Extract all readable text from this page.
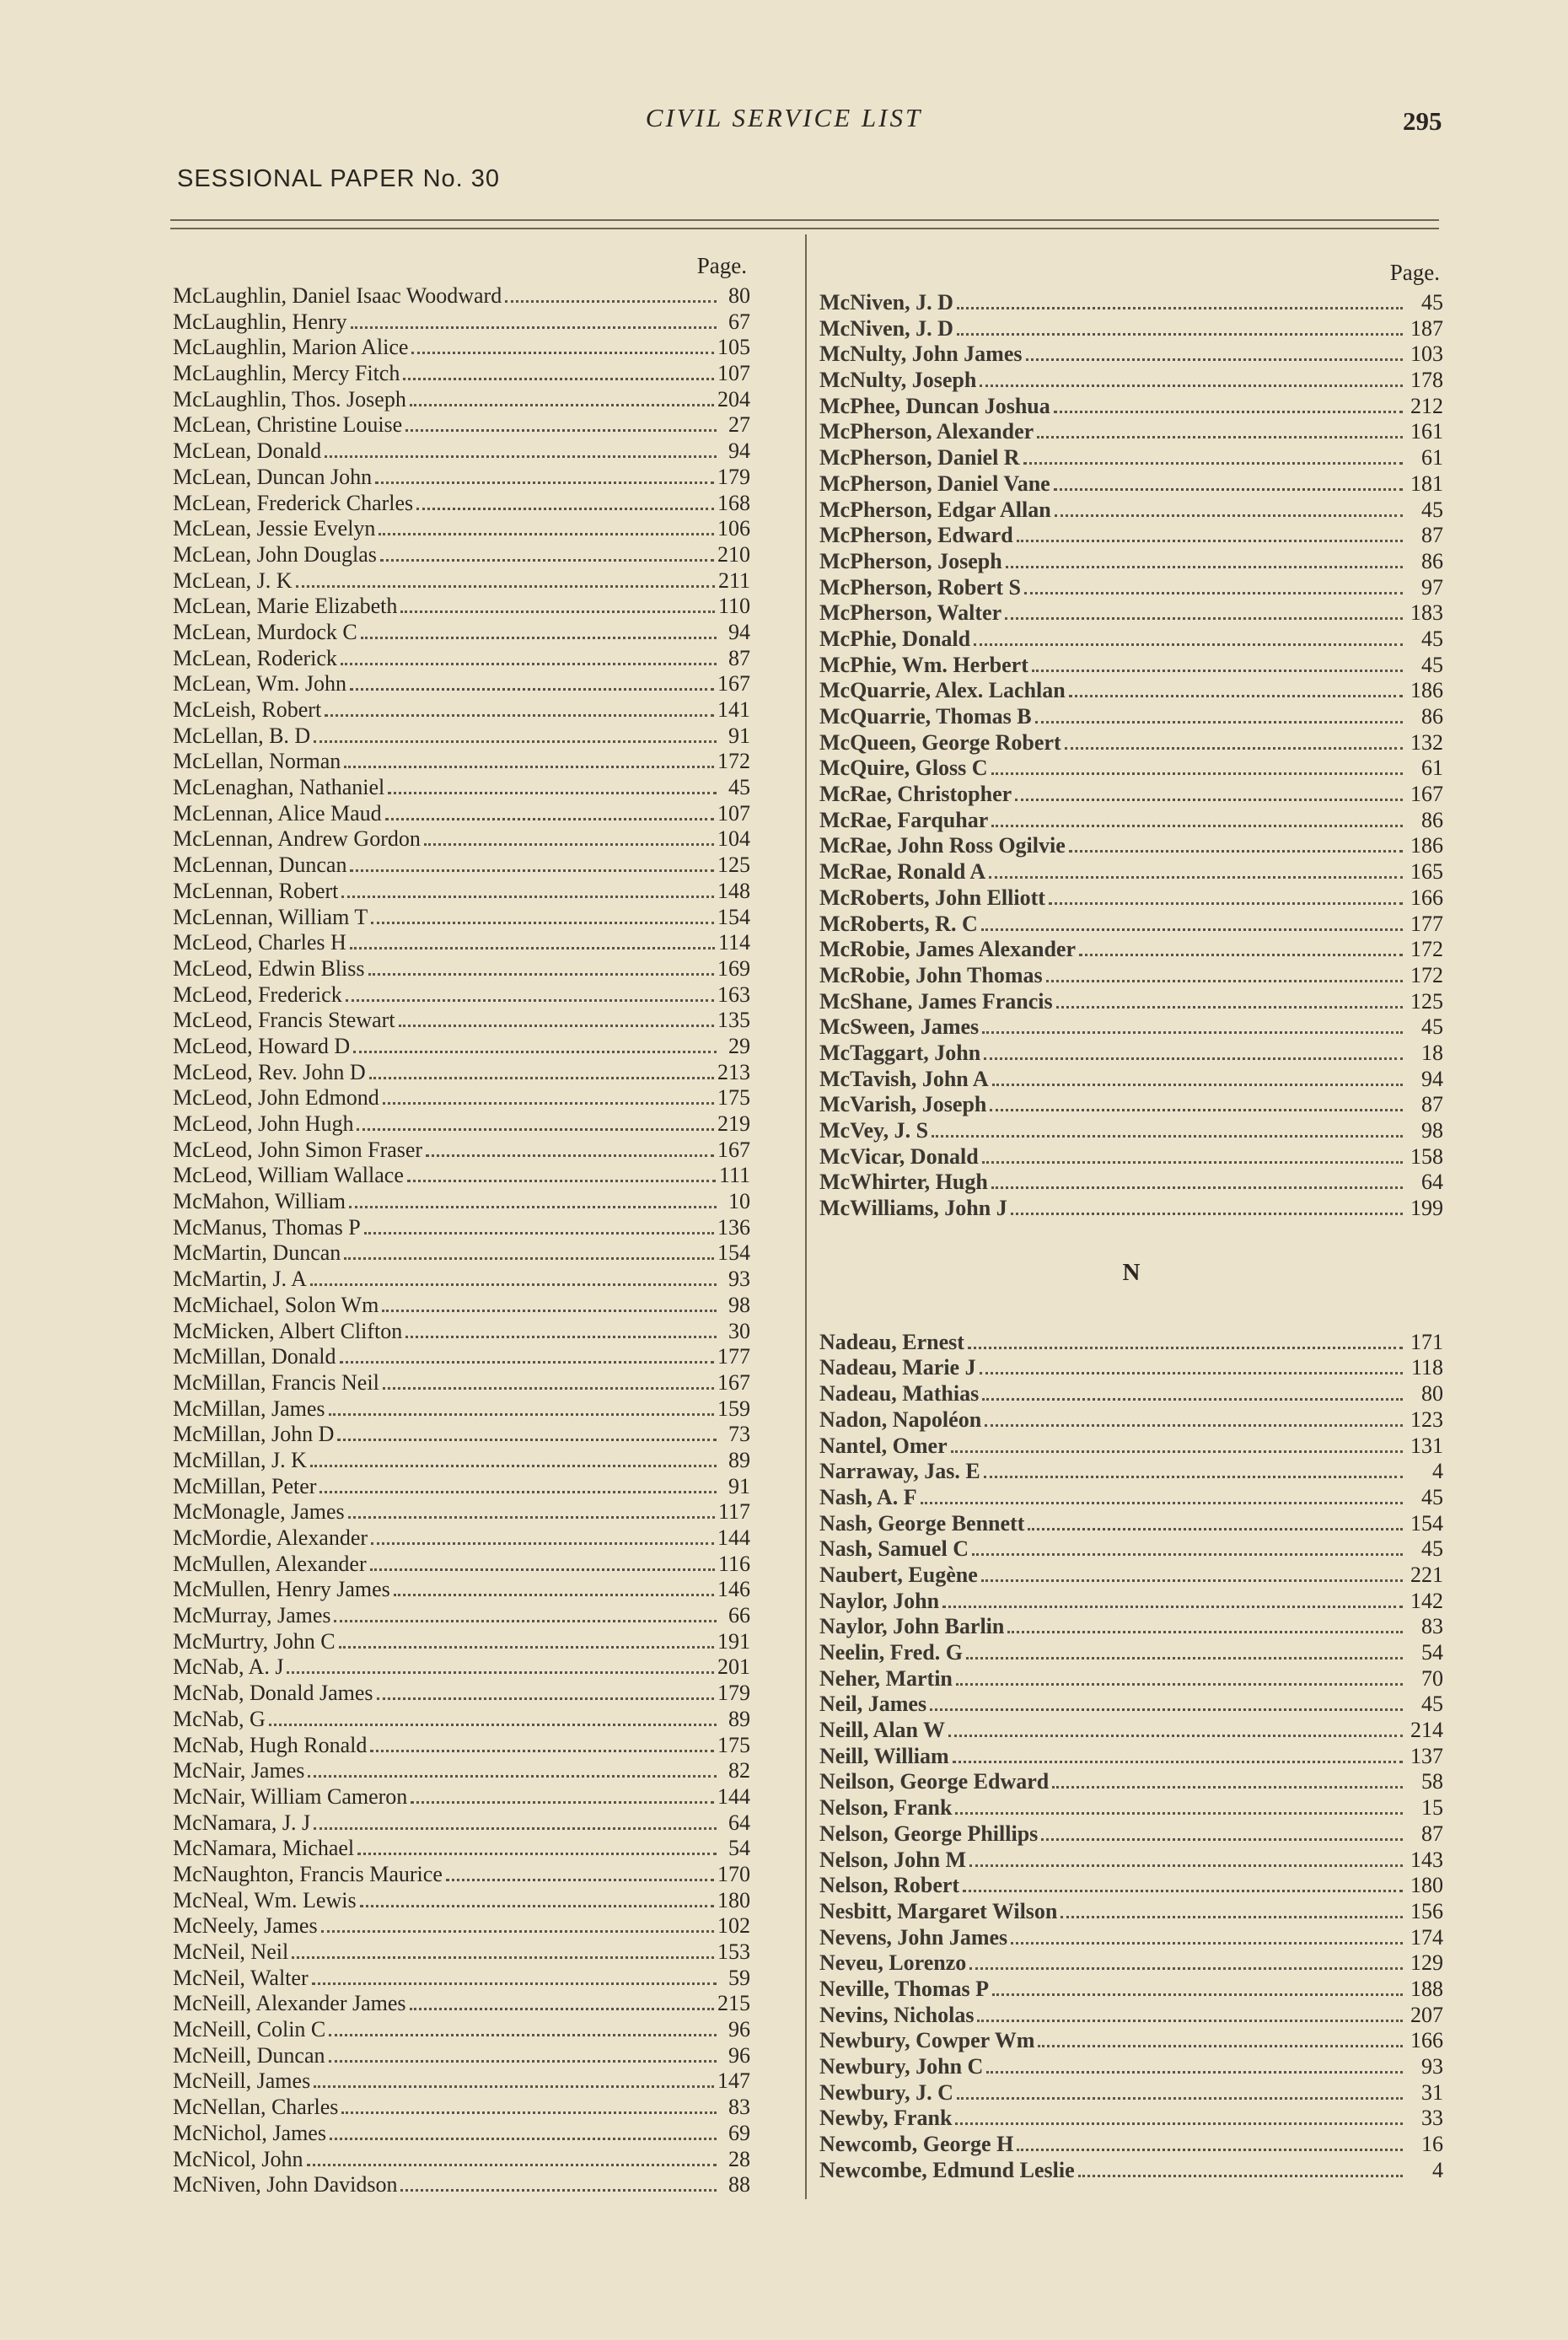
CIVIL SERVICE LIST	295
SESSIONAL PAPER No. 30
Page.
McLaughlin, Daniel Isaac Woodward	80
McLaughlin, Henry	67
McLaughlin, Marion Alice	105
McLaughlin, Mercy Fitch	107
McLaughlin, Thos. Joseph	204
McLean, Christine Louise	27
McLean, Donald	94
McLean, Duncan John	179
McLean, Frederick Charles	168
McLean, Jessie Evelyn	106
McLean, John Douglas	210
McLean, J. K	211
McLean, Marie Elizabeth	110
McLean, Murdock C	94
McLean, Roderick	87
McLean, Wm. John	167
McLeish, Robert	141
McLellan, B. D	91
McLellan, Norman	172
McLenaghan, Nathaniel	45
McLennan, Alice Maud	107
McLennan, Andrew Gordon	104
McLennan, Duncan	125
McLennan, Robert	148
McLennan, William T	154
McLeod, Charles H	114
McLeod, Edwin Bliss	169
McLeod, Frederick	163
McLeod, Francis Stewart	135
McLeod, Howard D	29
McLeod, Rev. John D	213
McLeod, John Edmond	175
McLeod, John Hugh	219
McLeod, John Simon Fraser	167
McLeod, William Wallace	111
McMahon, William	10
McManus, Thomas P	136
McMartin, Duncan	154
McMartin, J. A	93
McMichael, Solon Wm	98
McMicken, Albert Clifton	30
McMillan, Donald	177
McMillan, Francis Neil	167
McMillan, James	159
McMillan, John D	73
McMillan, J. K	89
McMillan, Peter	91
McMonagle, James	117
McMordie, Alexander	144
McMullen, Alexander	116
McMullen, Henry James	146
McMurray, James	66
McMurtry, John C	191
McNab, A. J	201
McNab, Donald James	179
McNab, G	89
McNab, Hugh Ronald	175
McNair, James	82
McNair, William Cameron	144
McNamara, J. J	64
McNamara, Michael	54
McNaughton, Francis Maurice	170
McNeal, Wm. Lewis	180
McNeely, James	102
McNeil, Neil	153
McNeil, Walter	59
McNeill, Alexander James	215
McNeill, Colin C	96
McNeill, Duncan	96
McNeill, James	147
McNellan, Charles	83
McNichol, James	69
McNicol, John	28
McNiven, John Davidson	88
Page.
McNiven, J. D	45
McNiven, J. D	187
McNulty, John James	103
McNulty, Joseph	178
McPhee, Duncan Joshua	212
McPherson, Alexander	161
McPherson, Daniel R	61
McPherson, Daniel Vane	181
McPherson, Edgar Allan	45
McPherson, Edward	87
McPherson, Joseph	86
McPherson, Robert S	97
McPherson, Walter	183
McPhie, Donald	45
McPhie, Wm. Herbert	45
McQuarrie, Alex. Lachlan	186
McQuarrie, Thomas B	86
McQueen, George Robert	132
McQuire, Gloss C	61
McRae, Christopher	167
McRae, Farquhar	86
McRae, John Ross Ogilvie	186
McRae, Ronald A	165
McRoberts, John Elliott	166
McRoberts, R. C	177
McRobie, James Alexander	172
McRobie, John Thomas	172
McShane, James Francis	125
McSween, James	45
McTaggart, John	18
McTavish, John A	94
McVarish, Joseph	87
McVey, J. S	98
McVicar, Donald	158
McWhirter, Hugh	64
McWilliams, John J	199
N
Nadeau, Ernest	171
Nadeau, Marie J	118
Nadeau, Mathias	80
Nadon, Napoléon	123
Nantel, Omer	131
Narraway, Jas. E	4
Nash, A. F	45
Nash, George Bennett	154
Nash, Samuel C	45
Naubert, Eugène	221
Naylor, John	142
Naylor, John Barlin	83
Neelin, Fred. G	54
Neher, Martin	70
Neil, James	45
Neill, Alan W	214
Neill, William	137
Neilson, George Edward	58
Nelson, Frank	15
Nelson, George Phillips	87
Nelson, John M	143
Nelson, Robert	180
Nesbitt, Margaret Wilson	156
Nevens, John James	174
Neveu, Lorenzo	129
Neville, Thomas P	188
Nevins, Nicholas	207
Newbury, Cowper Wm	166
Newbury, John C	93
Newbury, J. C	31
Newby, Frank	33
Newcomb, George H	16
Newcombe, Edmund Leslie	4
